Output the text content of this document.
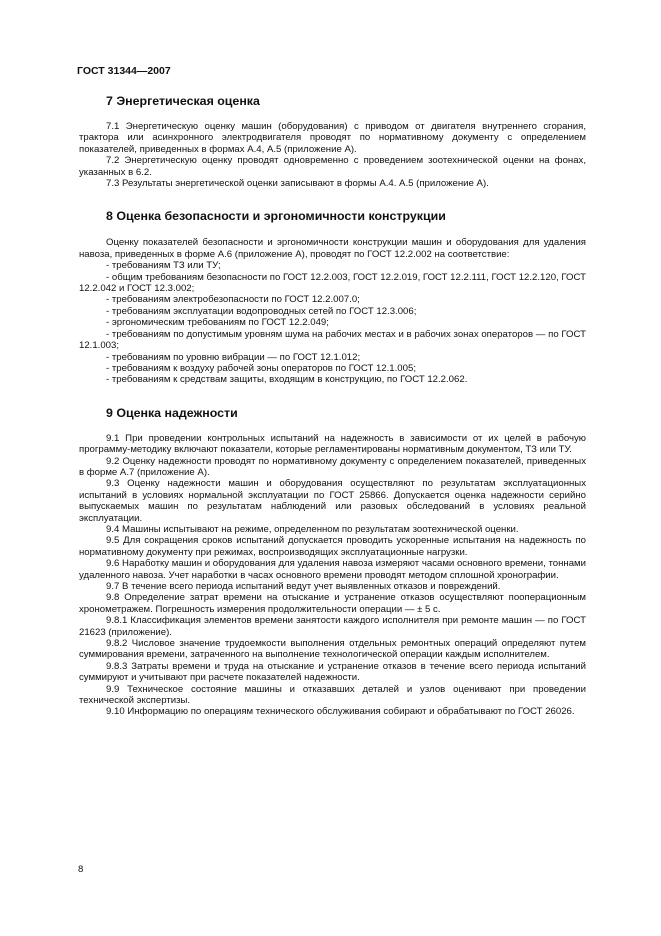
ГОСТ 31344—2007
7 Энергетическая оценка

7.1 Энергетическую оценку машин (оборудования) с приводом от двигателя внутреннего сгорания, трактора или асинхронного электродвигателя проводят по нормативному документу с определением показателей, приведенных в формах А.4, А.5 (приложение А).

7.2 Энергетическую оценку проводят одновременно с проведением зоотехнической оценки на фонах, указанных в 6.2.

7.3 Результаты энергетической оценки записывают в формы А.4. А.5 (приложение А).

8 Оценка безопасности и эргономичности конструкции

Оценку показателей безопасности и эргономичности конструкции машин и оборудования для удаления навоза, приведенных в форме А.6 (приложение А), проводят по ГОСТ 12.2.002 на соответствие:

- требованиям ТЗ или ТУ;

- общим требованиям безопасности по ГОСТ 12.2.003, ГОСТ 12.2.019, ГОСТ 12.2.111, ГОСТ 12.2.120, ГОСТ 12.2.042 и ГОСТ 12.3.002;

- требованиям электробезопасности по ГОСТ 12.2.007.0;

- требованиям эксплуатации водопроводных сетей по ГОСТ 12.3.006;

- эргономическим требованиям по ГОСТ 12.2.049;

- требованиям по допустимым уровням шума на рабочих местах и в рабочих зонах операторов — по ГОСТ 12.1.003;

- требованиям по уровню вибрации — по ГОСТ 12.1.012;

- требованиям к воздуху рабочей зоны операторов по ГОСТ 12.1.005;

- требованиям к средствам защиты, входящим в конструкцию, по ГОСТ 12.2.062.

9 Оценка надежности

9.1 При проведении контрольных испытаний на надежность в зависимости от их целей в рабочую программу-методику включают показатели, которые регламентированы нормативным документом, ТЗ или ТУ.

9.2 Оценку надежности проводят по нормативному документу с определением показателей, приведенных в форме А.7 (приложение А).

9.3 Оценку надежности машин и оборудования осуществляют по результатам эксплуатационных испытаний в условиях нормальной эксплуатации по ГОСТ 25866. Допускается оценка надежности серийно выпускаемых машин по результатам наблюдений или разовых обследований в условиях реальной эксплуатации.

9.4 Машины испытывают на режиме, определенном по результатам зоотехнической оценки.

9.5 Для сокращения сроков испытаний допускается проводить ускоренные испытания на надежность по нормативному документу при режимах, воспроизводящих эксплуатационные нагрузки.

9.6 Наработку машин и оборудования для удаления навоза измеряют часами основного времени, тоннами удаленного навоза. Учет наработки в часах основного времени проводят методом сплошной хронографии.

9.7 В течение всего периода испытаний ведут учет выявленных отказов и повреждений.

9.8 Определение затрат времени на отыскание и устранение отказов осуществляют пооперационным хронометражем. Погрешность измерения продолжительности операции — ± 5 с.

9.8.1 Классификация элементов времени занятости каждого исполнителя при ремонте машин — по ГОСТ 21623 (приложение).

9.8.2 Числовое значение трудоемкости выполнения отдельных ремонтных операций определяют путем суммирования времени, затраченного на выполнение технологической операции каждым исполнителем.

9.8.3 Затраты времени и труда на отыскание и устранение отказов в течение всего периода испытаний суммируют и учитывают при расчете показателей надежности.

9.9 Техническое состояние машины и отказавших деталей и узлов оценивают при проведении технической экспертизы.

9.10 Информацию по операциям технического обслуживания собирают и обрабатывают по ГОСТ 26026.

8
